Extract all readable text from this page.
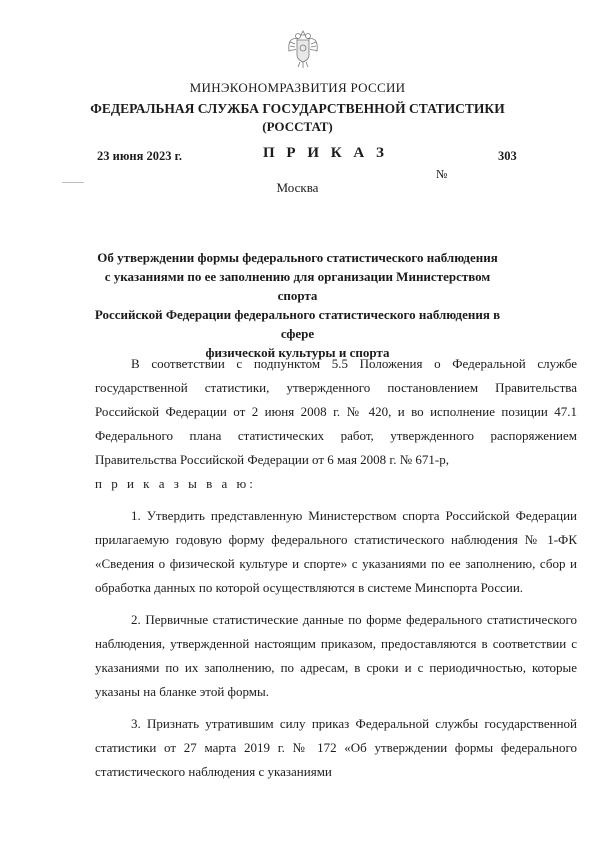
МИНЭКОНОМРАЗВИТИЯ РОССИИ
ФЕДЕРАЛЬНАЯ СЛУЖБА ГОСУДАРСТВЕННОЙ СТАТИСТИКИ
(РОССТАТ)
23 июня 2023 г.	П Р И К А З	303
№
Москва
Об утверждении формы федерального статистического наблюдения
с указаниями по ее заполнению для организации Министерством спорта
Российской Федерации федерального статистического наблюдения в сфере
физической культуры и спорта

В соответствии с подпунктом 5.5 Положения о Федеральной службе государственной статистики, утвержденного постановлением Правительства Российской Федерации от 2 июня 2008 г. № 420, и во исполнение позиции 47.1 Федерального плана статистических работ, утвержденного распоряжением Правительства Российской Федерации от 6 мая 2008 г. № 671-р,

п р и к а з ы в а ю:

1. Утвердить представленную Министерством спорта Российской Федерации прилагаемую годовую форму федерального статистического наблюдения № 1-ФК «Сведения о физической культуре и спорте» с указаниями по ее заполнению, сбор и обработка данных по которой осуществляются в системе Минспорта России.

2. Первичные статистические данные по форме федерального статистического наблюдения, утвержденной настоящим приказом, предоставляются в соответствии с указаниями по их заполнению, по адресам, в сроки и с периодичностью, которые указаны на бланке этой формы.

3. Признать утратившим силу приказ Федеральной службы государственной статистики от 27 марта 2019 г. № 172 «Об утверждении формы федерального статистического наблюдения с указаниями
